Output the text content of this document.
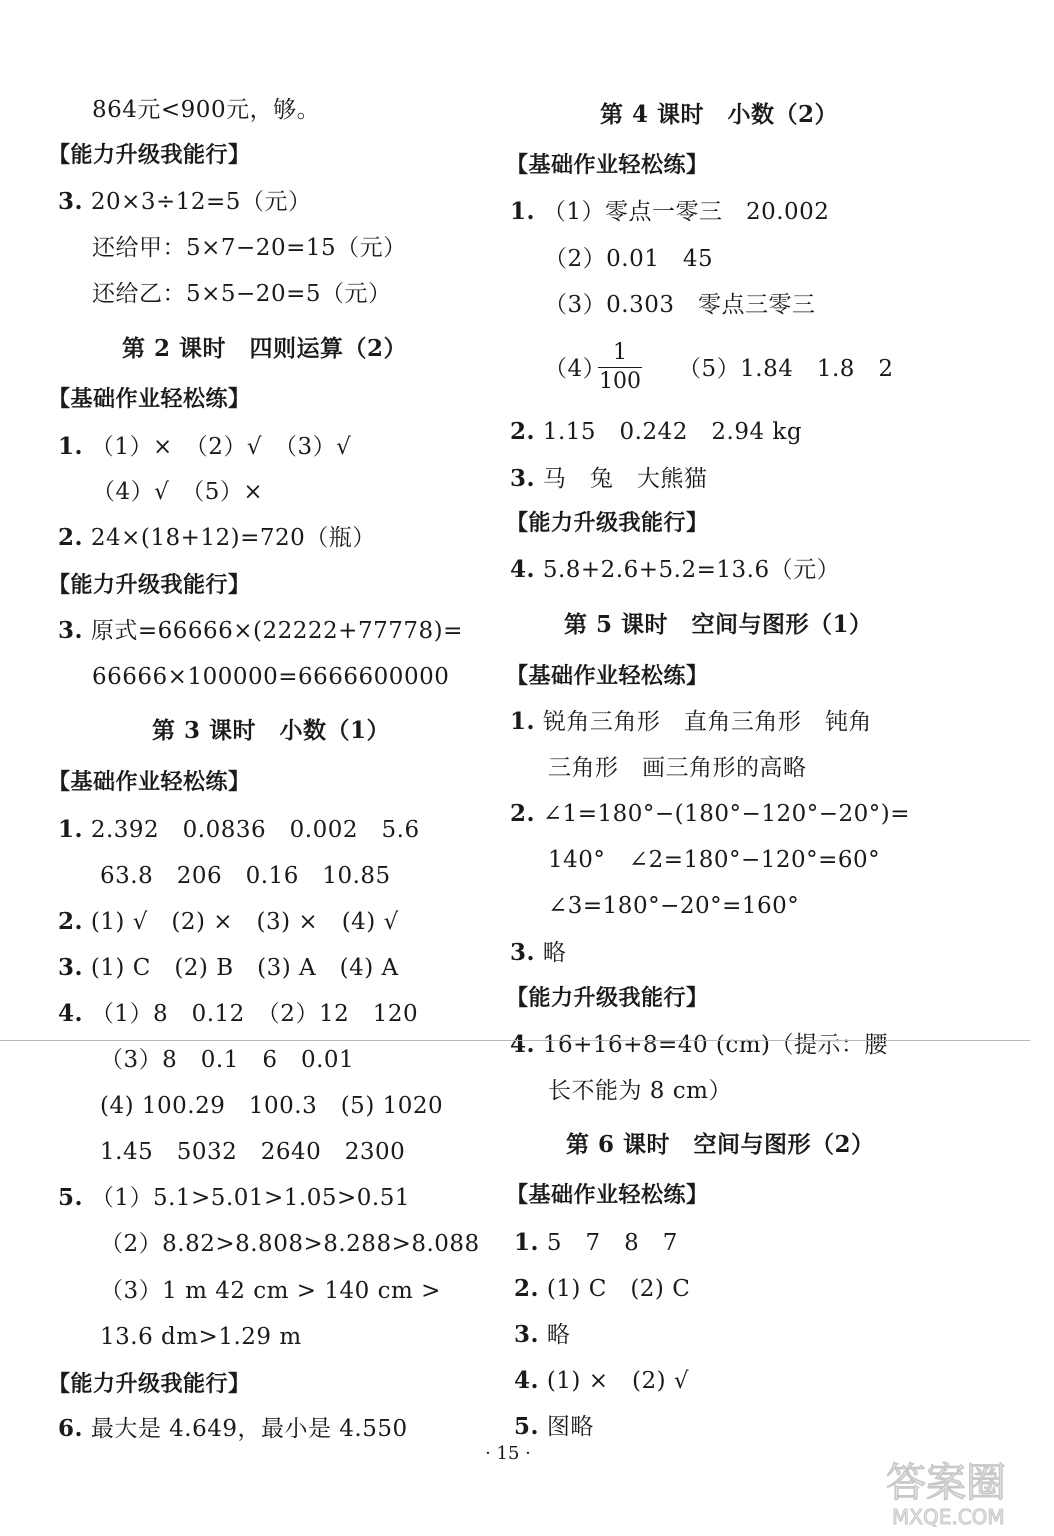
864元<900元，够。
【能力升级我能行】
3. 20×3÷12=5（元）
还给甲：5×7−20=15（元）
还给乙：5×5−20=5（元）
第 2 课时　四则运算（2）
【基础作业轻松练】
1. （1）×　（2）√　（3）√
（4）√　（5）×
2. 24×(18+12)=720（瓶）
【能力升级我能行】
3. 原式=66666×(22222+77778)=
66666×100000=6666600000
第 3 课时　小数（1）
【基础作业轻松练】
1. 2.392　0.0836　0.002　5.6
63.8　206　0.16　10.85
2. (1) √　(2) ×　(3) ×　(4) √
3. (1) C　(2) B　(3) A　(4) A
4. （1）8　0.12　（2）12　120
（3）8　0.1　6　0.01
(4) 100.29　100.3　(5) 1020
1.45　5032　2640　2300
5. （1）5.1>5.01>1.05>0.51
（2）8.82>8.808>8.288>8.088
（3）1 m 42 cm > 140 cm >
13.6 dm>1.29 m
【能力升级我能行】
6. 最大是 4.649，最小是 4.550
第 4 课时　小数（2）
【基础作业轻松练】
1. （1）零点一零三　20.002
（2）0.01　45
（3）0.303　零点三零三
（4）	（5）1.84　1.8　2
2. 1.15　0.242　2.94 kg
3. 马　兔　大熊猫
【能力升级我能行】
4. 5.8+2.6+5.2=13.6（元）
第 5 课时　空间与图形（1）
【基础作业轻松练】
1. 锐角三角形　直角三角形　钝角
三角形　画三角形的高略
2. ∠1=180°−(180°−120°−20°)=
140°　∠2=180°−120°=60°
∠3=180°−20°=160°
3. 略
【能力升级我能行】
4. 16+16+8=40 (cm)（提示：腰
长不能为 8 cm）
第 6 课时　空间与图形（2）
【基础作业轻松练】
1. 5　7　8　7
2. (1) C　(2) C
3. 略
4. (1) ×　(2) √
5. 图略
1
100
· 15 ·
答案圈
MXQE.COM
